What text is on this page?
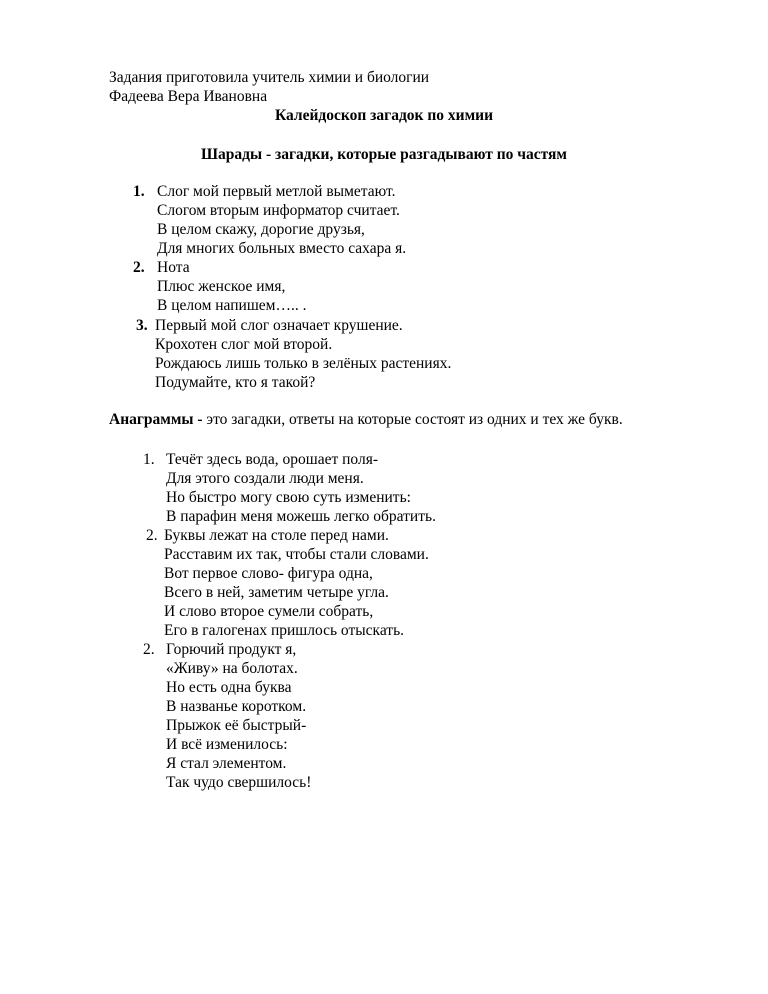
Задания приготовила учитель химии и биологии
Фадеева Вера Ивановна
Калейдоскоп загадок по химии
Шарады - загадки, которые разгадывают по частям
1. Слог мой первый метлой выметают.
Слогом вторым информатор считает.
В целом скажу, дорогие друзья,
Для многих больных вместо сахара я.
2. Нота
Плюс женское имя,
В целом напишем….. .
3. Первый мой слог означает крушение.
Крохотен слог мой второй.
Рождаюсь лишь только в зелёных растениях.
Подумайте, кто я такой?
Анаграммы - это загадки, ответы на которые состоят из одних и тех же букв.
1. Течёт здесь вода, орошает поля-
Для этого создали люди меня.
Но быстро могу свою суть изменить:
В парафин меня можешь легко обратить.
2. Буквы лежат на столе перед нами.
Расставим их так, чтобы стали словами.
Вот первое слово- фигура одна,
Всего в ней, заметим четыре угла.
И слово второе сумели собрать,
Его в галогенах пришлось отыскать.
2. Горючий продукт я,
«Живу» на болотах.
Но есть одна буква
В названье коротком.
Прыжок её быстрый-
И всё изменилось:
Я стал элементом.
Так чудо свершилось!
